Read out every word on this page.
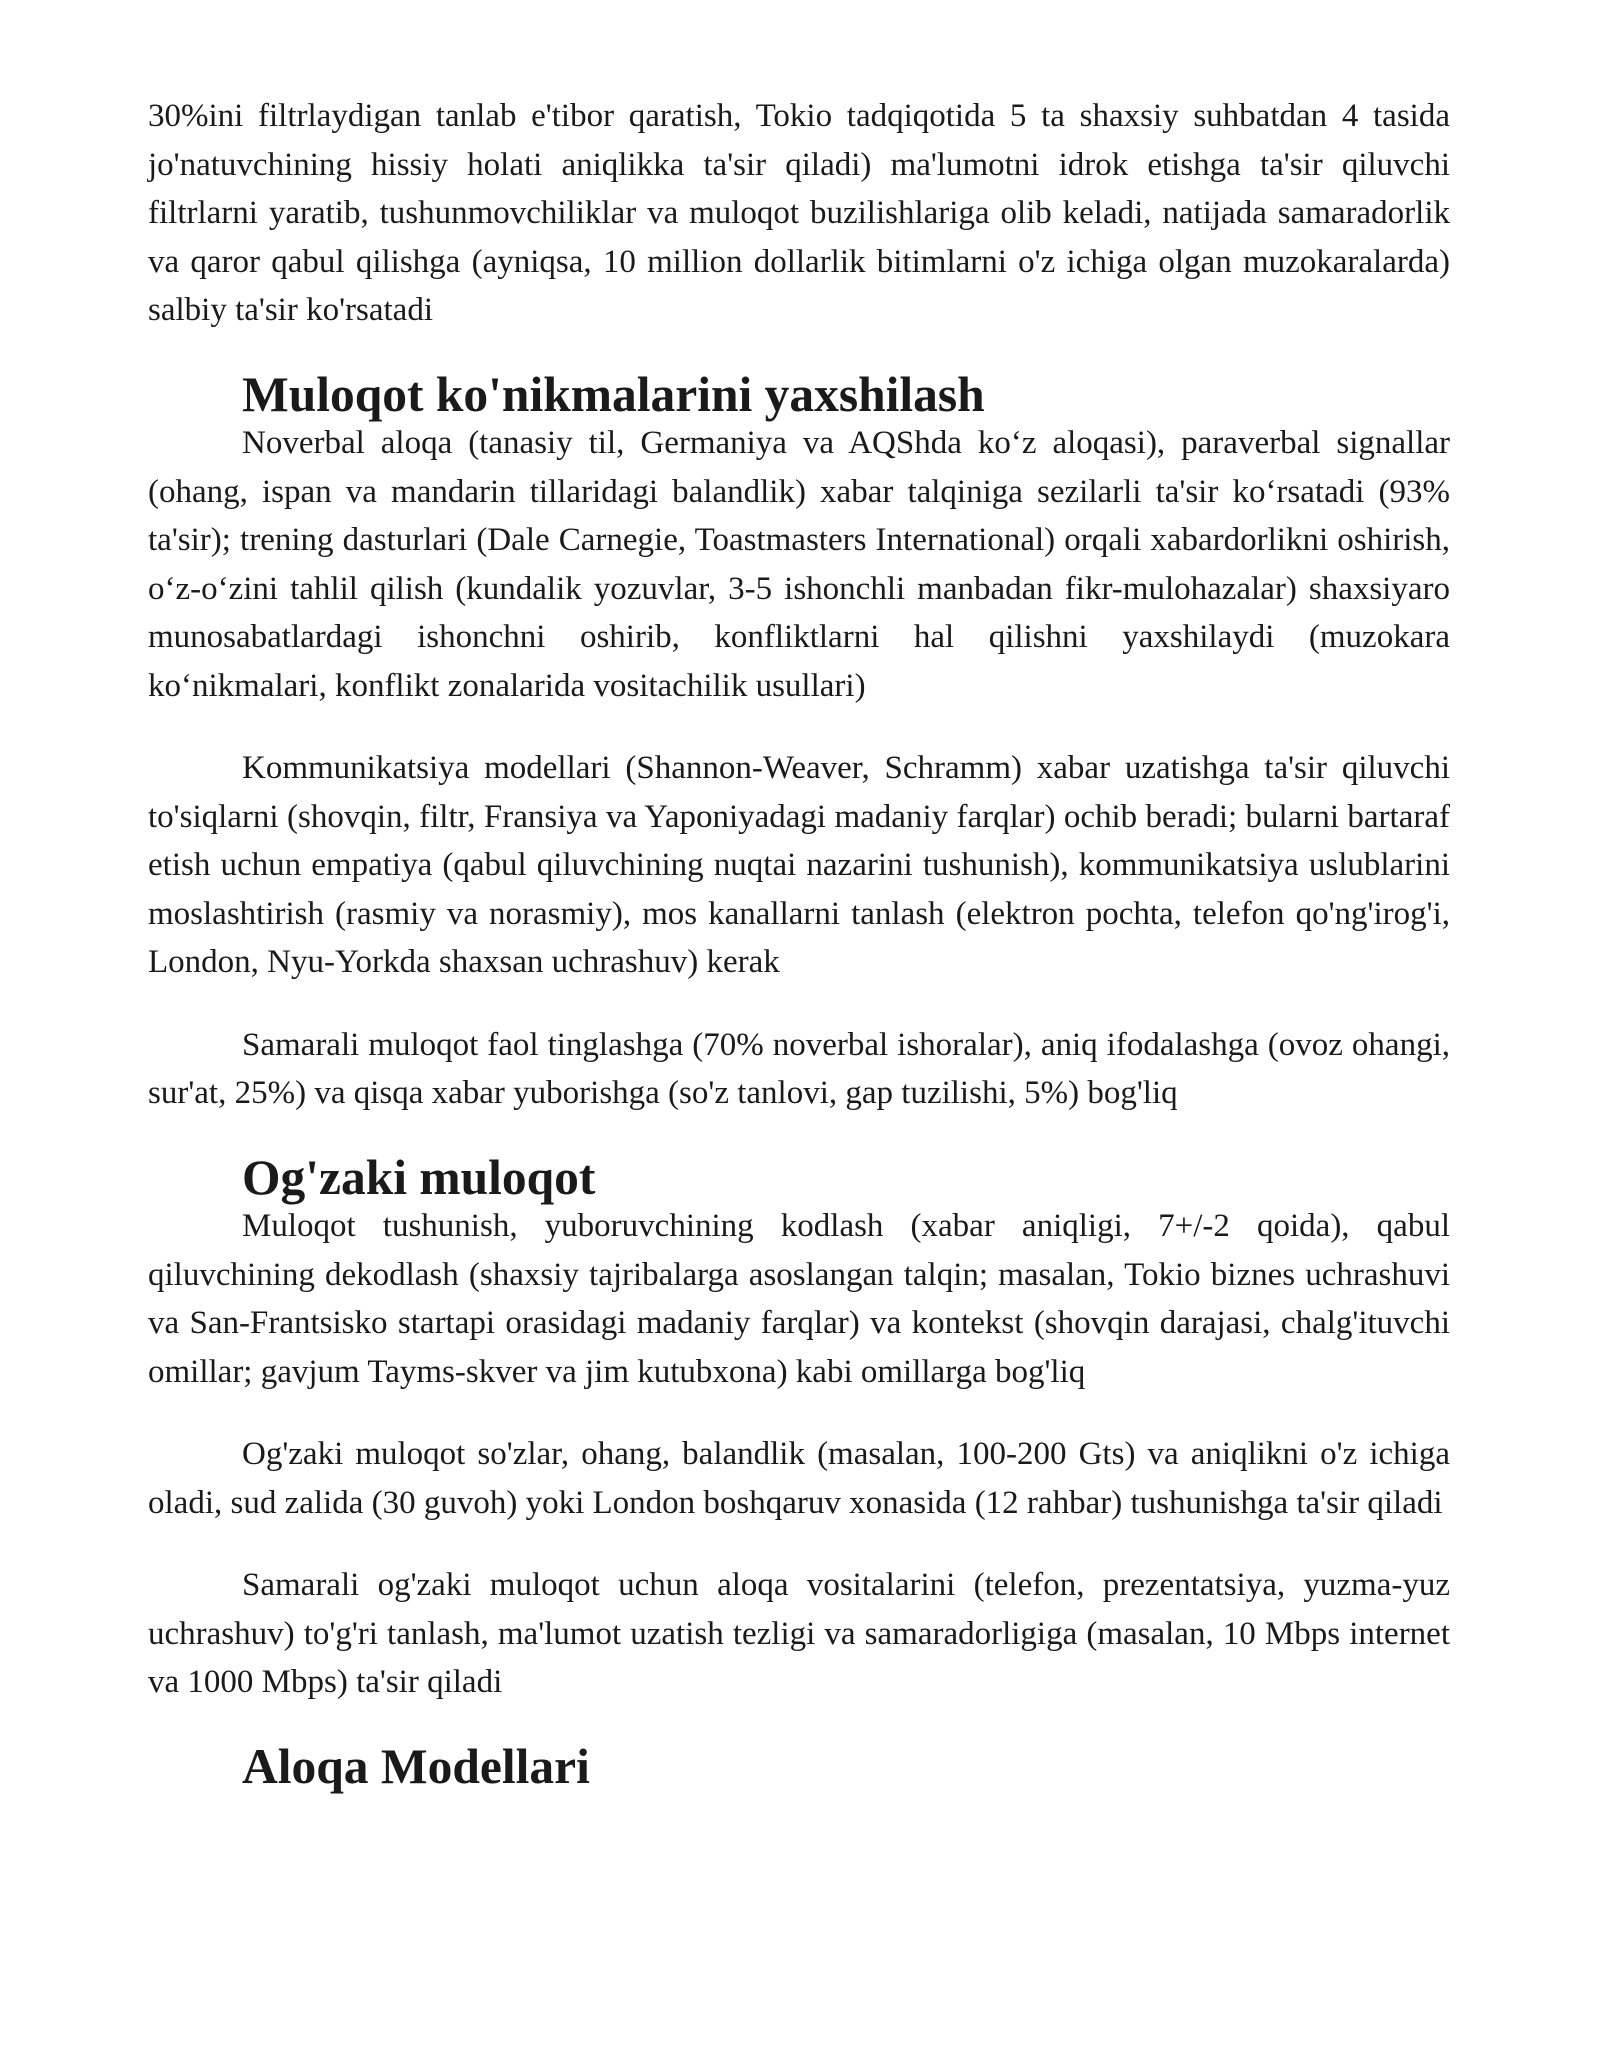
30%ini filtrlaydigan tanlab e'tibor qaratish, Tokio tadqiqotida 5 ta shaxsiy suhbatdan 4 tasida jo'natuvchining hissiy holati aniqlikka ta'sir qiladi) ma'lumotni idrok etishga ta'sir qiluvchi filtrlarni yaratib, tushunmovchiliklar va muloqot buzilishlariga olib keladi, natijada samaradorlik va qaror qabul qilishga (ayniqsa, 10 million dollarlik bitimlarni o'z ichiga olgan muzokaralarda) salbiy ta'sir ko'rsatadi

Muloqot ko'nikmalarini yaxshilash

Noverbal aloqa (tanasiy til, Germaniya va AQShda koʻz aloqasi), paraverbal signallar (ohang, ispan va mandarin tillaridagi balandlik) xabar talqiniga sezilarli ta'sir koʻrsatadi (93% ta'sir); trening dasturlari (Dale Carnegie, Toastmasters International) orqali xabardorlikni oshirish, oʻz-oʻzini tahlil qilish (kundalik yozuvlar, 3-5 ishonchli manbadan fikr-mulohazalar) shaxsiyaro munosabatlardagi ishonchni oshirib, konfliktlarni hal qilishni yaxshilaydi (muzokara koʻnikmalari, konflikt zonalarida vositachilik usullari)

Kommunikatsiya modellari (Shannon-Weaver, Schramm) xabar uzatishga ta'sir qiluvchi to'siqlarni (shovqin, filtr, Fransiya va Yaponiyadagi madaniy farqlar) ochib beradi; bularni bartaraf etish uchun empatiya (qabul qiluvchining nuqtai nazarini tushunish), kommunikatsiya uslublarini moslashtirish (rasmiy va norasmiy), mos kanallarni tanlash (elektron pochta, telefon qo'ng'irog'i, London, Nyu-Yorkda shaxsan uchrashuv) kerak

Samarali muloqot faol tinglashga (70% noverbal ishoralar), aniq ifodalashga (ovoz ohangi, sur'at, 25%) va qisqa xabar yuborishga (so'z tanlovi, gap tuzilishi, 5%) bog'liq

Og'zaki muloqot

Muloqot tushunish, yuboruvchining kodlash (xabar aniqligi, 7+/-2 qoida), qabul qiluvchining dekodlash (shaxsiy tajribalarga asoslangan talqin; masalan, Tokio biznes uchrashuvi va San-Frantsisko startapi orasidagi madaniy farqlar) va kontekst (shovqin darajasi, chalg'ituvchi omillar; gavjum Tayms-skver va jim kutubxona) kabi omillarga bog'liq

Og'zaki muloqot so'zlar, ohang, balandlik (masalan, 100-200 Gts) va aniqlikni o'z ichiga oladi, sud zalida (30 guvoh) yoki London boshqaruv xonasida (12 rahbar) tushunishga ta'sir qiladi

Samarali og'zaki muloqot uchun aloqa vositalarini (telefon, prezentatsiya, yuzma-yuz uchrashuv) to'g'ri tanlash, ma'lumot uzatish tezligi va samaradorligiga (masalan, 10 Mbps internet va 1000 Mbps) ta'sir qiladi

Aloqa Modellari
